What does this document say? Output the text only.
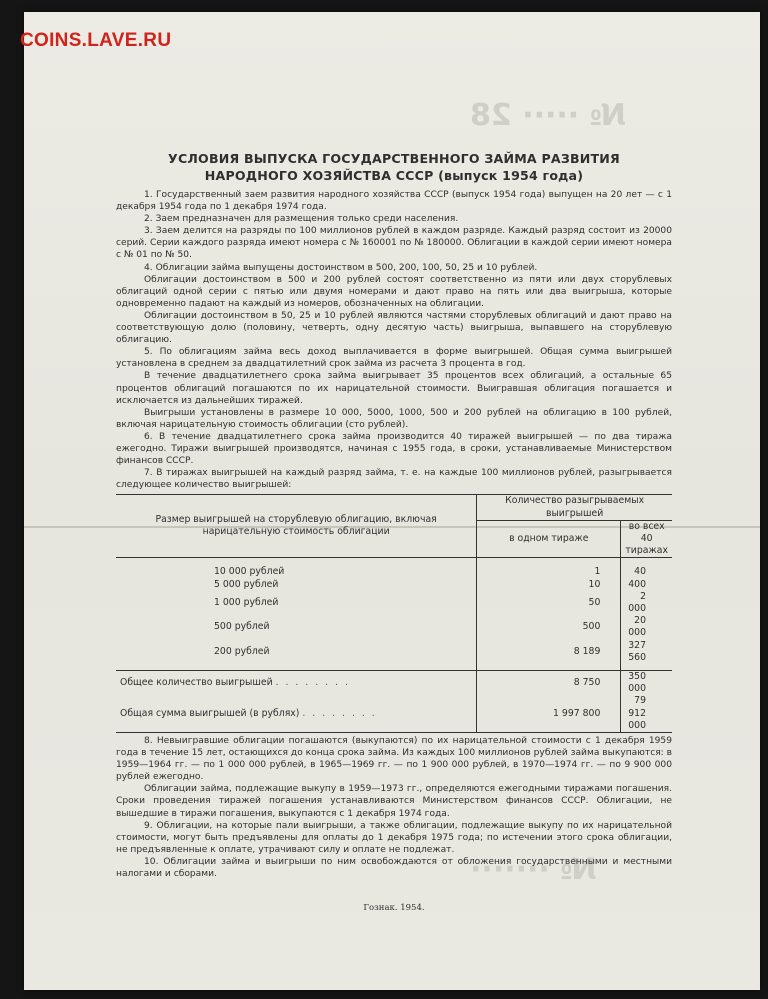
COINS.LAVE.RU
№ ····· 28
№ ·······
УСЛОВИЯ ВЫПУСКА ГОСУДАРСТВЕННОГО ЗАЙМА РАЗВИТИЯ
НАРОДНОГО ХОЗЯЙСТВА СССР (выпуск 1954 года)

1. Государственный заем развития народного хозяйства СССР (выпуск 1954 года) выпущен на 20 лет — с 1 декабря 1954 года по 1 декабря 1974 года.

2. Заем предназначен для размещения только среди населения.

3. Заем делится на разряды по 100 миллионов рублей в каждом разряде. Каждый разряд состоит из 20000 серий. Серии каждого разряда имеют номера с № 160001 по № 180000. Облигации в каждой серии имеют номера с № 01 по № 50.

4. Облигации займа выпущены достоинством в 500, 200, 100, 50, 25 и 10 рублей.

Облигации достоинством в 500 и 200 рублей состоят соответственно из пяти или двух сторублевых облигаций одной серии с пятью или двумя номерами и дают право на пять или два выигрыша, которые одновременно падают на каждый из номеров, обозначенных на облигации.

Облигации достоинством в 50, 25 и 10 рублей являются частями сторублевых облигаций и дают право на соответствующую долю (половину, четверть, одну десятую часть) выигрыша, выпавшего на сторублевую облигацию.

5. По облигациям займа весь доход выплачивается в форме выигрышей. Общая сумма выигрышей установлена в среднем за двадцатилетний срок займа из расчета 3 процента в год.

В течение двадцатилетнего срока займа выигрывает 35 процентов всех облигаций, а остальные 65 процентов облигаций погашаются по их нарицательной стоимости. Выигравшая облигация погашается и исключается из дальнейших тиражей.

Выигрыши установлены в размере 10 000, 5000, 1000, 500 и 200 рублей на облигацию в 100 рублей, включая нарицательную стоимость облигации (сто рублей).

6. В течение двадцатилетнего срока займа производится 40 тиражей выигрышей — по два тиража ежегодно. Тиражи выигрышей производятся, начиная с 1955 года, в сроки, устанавливаемые Министерством финансов СССР.

7. В тиражах выигрышей на каждый разряд займа, т. е. на каждые 100 миллионов рублей, разыгрывается следующее количество выигрышей:

Размер выигрышей на сторублевую облигацию, включая нарицательную стоимость облигации	Количество разыгрываемых выигрышей	
	в одном тираже	во всех 40 тиражах
10 000 рублей	1	40
5 000 рублей	10	400
1 000 рублей	50	2 000
500 рублей	500	20 000
200 рублей	8 189	327 560
Общее количество выигрышей . . . . . . . .	8 750	350 000
Общая сумма выигрышей (в рублях) . . . . . . . .	1 997 800	79 912 000

8. Невыигравшие облигации погашаются (выкупаются) по их нарицательной стоимости с 1 декабря 1959 года в течение 15 лет, остающихся до конца срока займа. Из каждых 100 миллионов рублей займа выкупаются: в 1959—1964 гг. — по 1 000 000 рублей, в 1965—1969 гг. — по 1 900 000 рублей, в 1970—1974 гг. — по 9 900 000 рублей ежегодно.

Облигации займа, подлежащие выкупу в 1959—1973 гг., определяются ежегодными тиражами погашения. Сроки проведения тиражей погашения устанавливаются Министерством финансов СССР. Облигации, не вышедшие в тиражи погашения, выкупаются с 1 декабря 1974 года.

9. Облигации, на которые пали выигрыши, а также облигации, подлежащие выкупу по их нарицательной стоимости, могут быть предъявлены для оплаты до 1 декабря 1975 года; по истечении этого срока облигации, не предъявленные к оплате, утрачивают силу и оплате не подлежат.

10. Облигации займа и выигрыши по ним освобождаются от обложения государственными и местными налогами и сборами.

Гознак. 1954.
